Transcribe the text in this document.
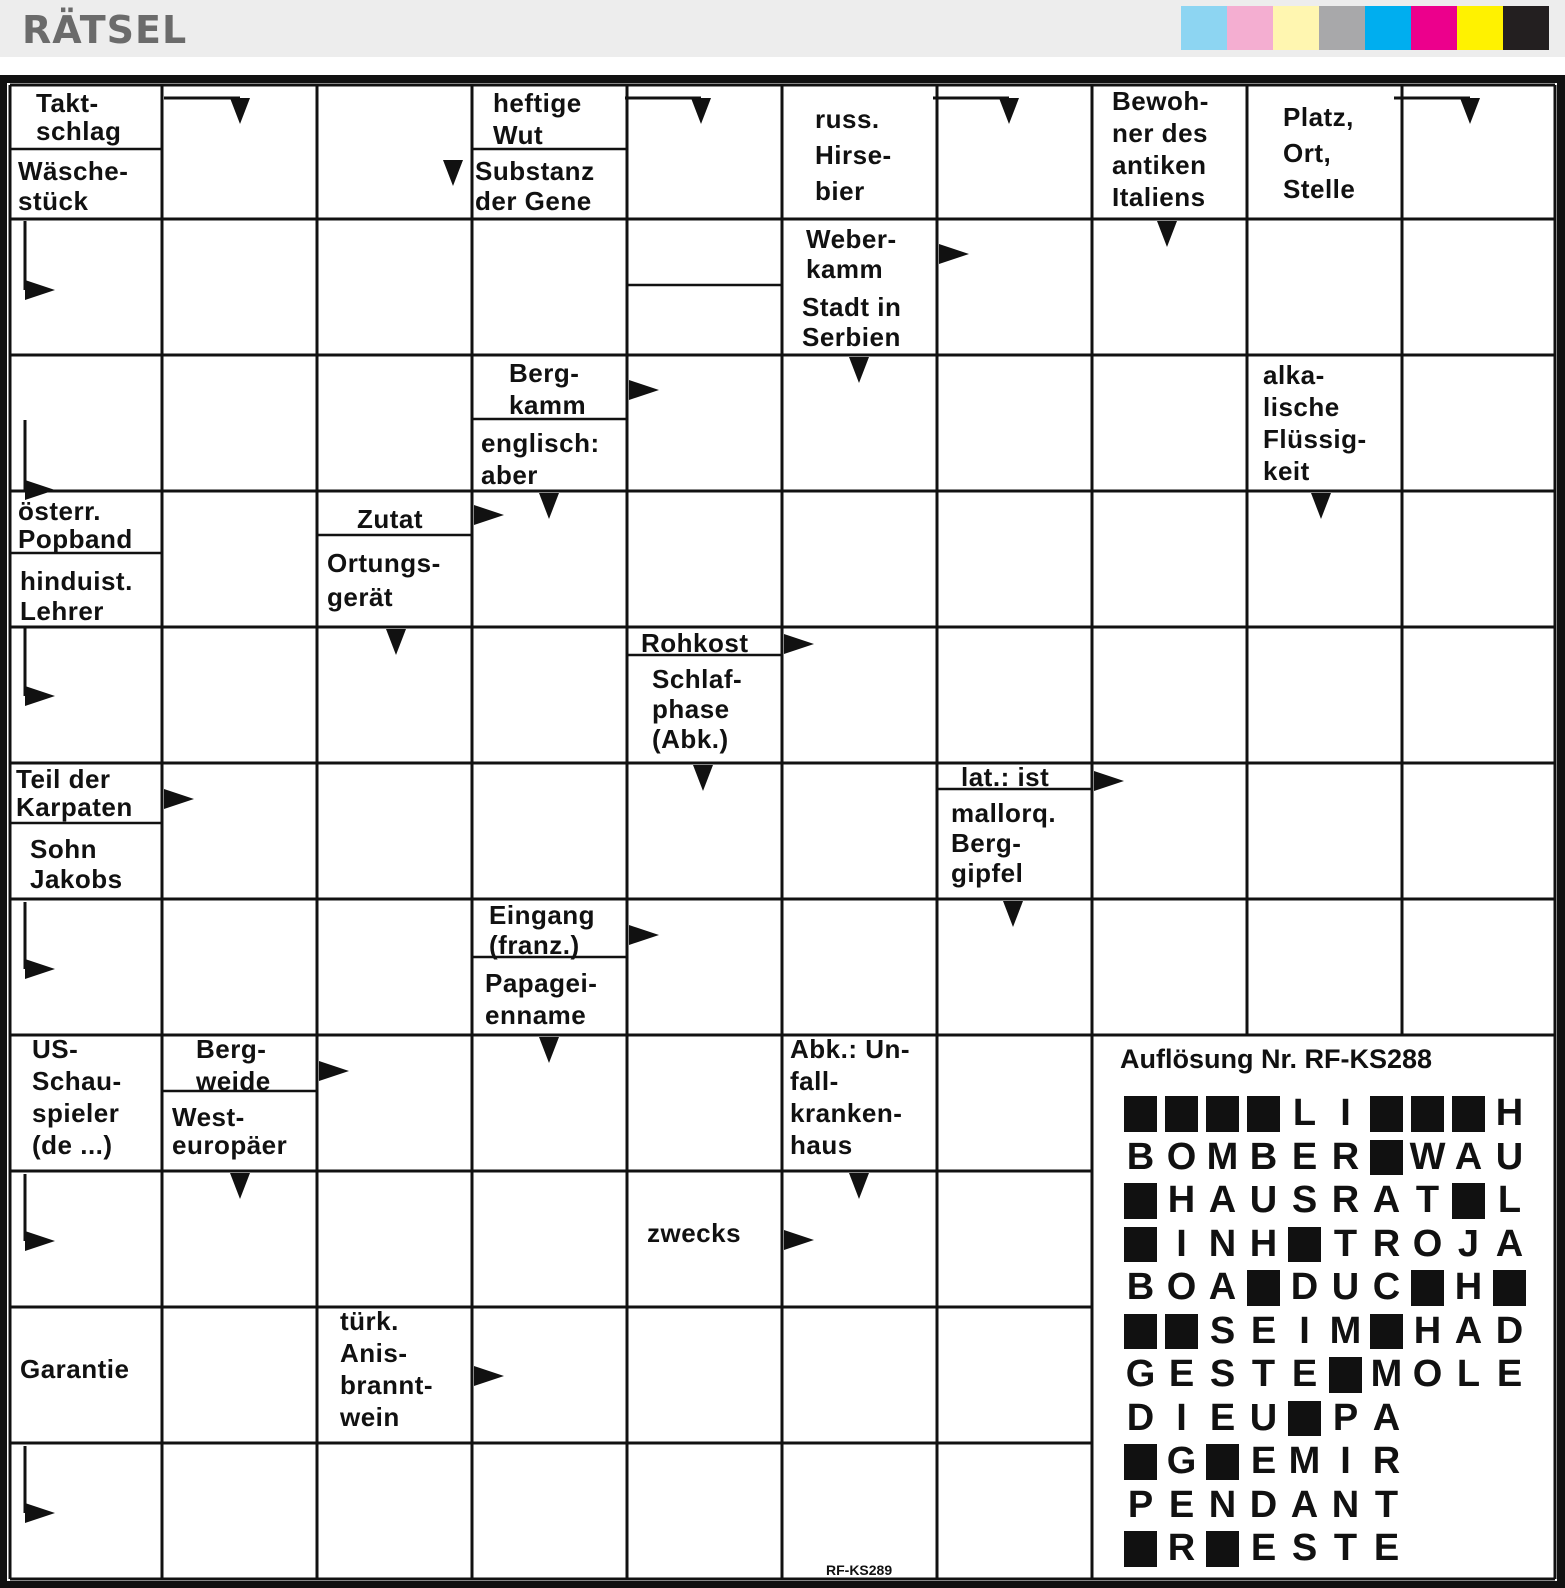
RÄTSEL
Takt-schlag
Wäsche-stück
heftige Wut
Substanz der Gene
russ. Hirse-bier
Bewoh-ner des antiken Italiens
Platz, Ort, Stelle
Weber-kamm
Stadt in Serbien
Berg-kamm
englisch: aber
alka-lische Flüssig-keit
österr. Popband
hinduist. Lehrer
Zutat
Ortungs-gerät
Rohkost
Schlaf-phase (Abk.)
Teil der Karpaten
Sohn Jakobs
lat.: ist
mallorq. Berg-gipfel
Eingang (franz.)
Papagei-enname
US-Schau-spieler (de ...)
Berg-weide
West-europäer
Abk.: Un-fall-kranken-haus
zwecks
Garantie
türk. Anis-brannt-wein
Auflösung Nr. RF-KS288
L I	H
B O M B E R W A U
H A U S R A T L
I N H T R O J A
B O A D U C H
S E I M H A D
G E S T E M O L E
D I E U P A
G E M I R
P E N D A N T
R E S T E
RF-KS289
